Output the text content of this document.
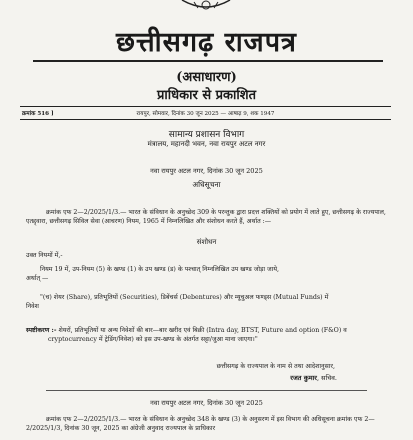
छत्तीसगढ़ राजपत्र
(असाधारण)
प्राधिकार से प्रकाशित
क्रमांक 516 ]	रायपुर, सोमवार, दिनांक 30 जून 2025 — आषाढ़ 9, शक 1947
सामान्य प्रशासन विभाग
मंत्रालय, महानदी भवन, नवा रायपुर अटल नगर
नवा रायपुर अटल नगर, दिनांक 30 जून 2025
अधिसूचना
क्रमांक एफ 2—2/2025/1/3.— भारत के संविधान के अनुच्छेद 309 के परन्तुक द्वारा प्रदत्त शक्तियों को प्रयोग में लाते हुए, छत्तीसगढ़ के राज्यपाल, एतद्द्वारा, छत्तीसगढ़ सिविल सेवा (आचरण) नियम, 1965 में निम्नलिखित और संशोधन करते हैं, अर्थात :—
संशोधन
उक्त नियमों में,-
नियम 19 में, उप-नियम (5) के खण्ड (1) के उप खण्ड (ड) के पश्चात् निम्नलिखित उप खण्ड जोड़ा जाये,
अर्थात् —
"(च) शेयर (Share), प्रतिभूतियों (Securities), डिबेंचर्स (Debentures) और म्यूचुअल फण्ड्स (Mutual Funds) में
निवेश
स्पष्टीकरण :- शेयरों, प्रतिभूतियों या अन्य निवेशों की बार—बार खरीद एवं बिक्री (Intra day, BTST, Future and option (F&O) व cryptocurrency में ट्रेडिंग/निवेश) को इस उप-खण्ड के अंतर्गत सट्टा/जुआ माना जाएगा।"
छत्तीसगढ़ के राज्यपाल के नाम से तथा आदेशानुसार,
रजत कुमार, सचिव.
नवा रायपुर अटल नगर, दिनांक 30 जून 2025
क्रमांक एफ 2—2/2025/1/3.— भारत के संविधान के अनुच्छेद 348 के खण्ड (3) के अनुसरण में इस विभाग की अधिसूचना क्रमांक एफ 2—2/2025/1/3, दिनांक 30 जून, 2025 का अंग्रेजी अनुवाद राज्यपाल के प्राधिकार
